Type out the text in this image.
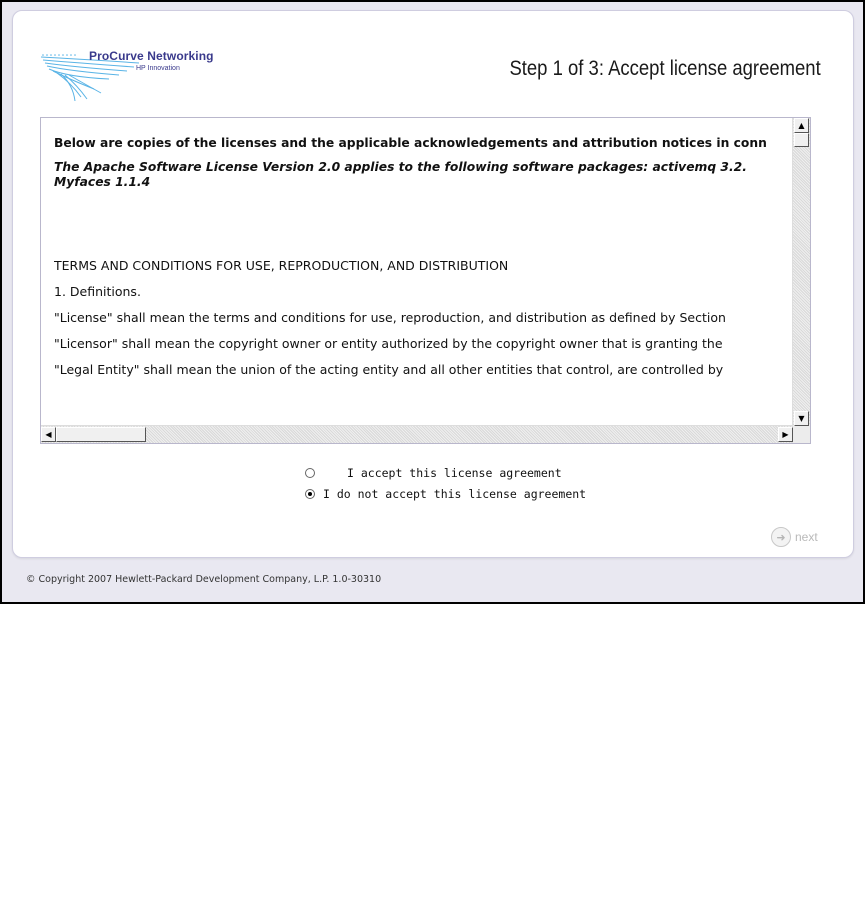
ProCurve Networking
HP Innovation	Step 1 of 3: Accept license agreement

Below are copies of the licenses and the applicable acknowledgements and attribution notices in conn

The Apache Software License Version 2.0 applies to the following software packages: activemq 3.2.

Myfaces 1.1.4

TERMS AND CONDITIONS FOR USE, REPRODUCTION, AND DISTRIBUTION

1. Definitions.

"License" shall mean the terms and conditions for use, reproduction, and distribution as defined by Section

"Licensor" shall mean the copyright owner or entity authorized by the copyright owner that is granting the

"Legal Entity" shall mean the union of the acting entity and all other entities that control, are controlled by

▲
▼
◀	▶
I accept this license agreement
I do not accept this license agreement
➜ next
© Copyright 2007 Hewlett-Packard Development Company, L.P. 1.0-30310
